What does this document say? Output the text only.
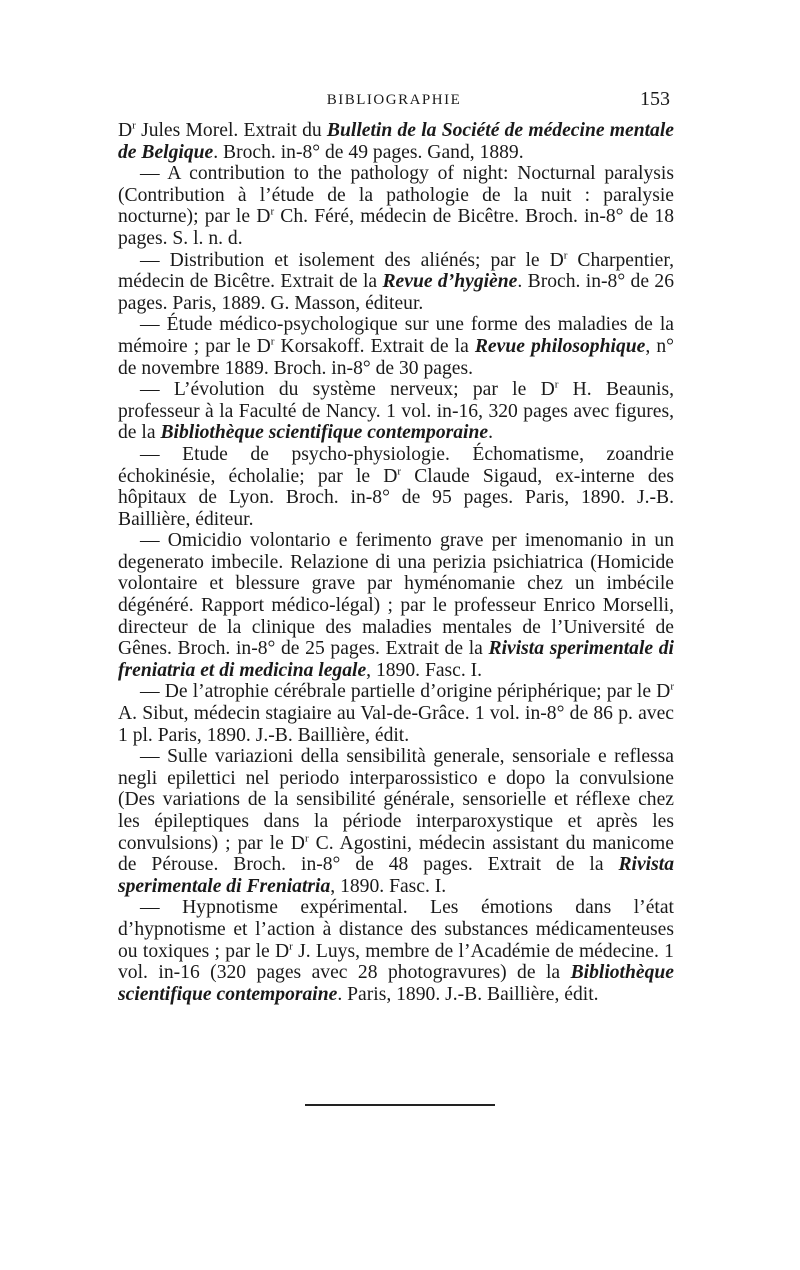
BIBLIOGRAPHIE	153

$D^r$ Jules Morel. Extrait du Bulletin de la Société de médecine mentale de Belgique. Broch. in-8° de 49 pages. Gand, 1889.

— A contribution to the pathology of night: Nocturnal paralysis (Contribution à l’étude de la pathologie de la nuit : paralysie nocturne); par le $D^r$ Ch. Féré, médecin de Bicêtre. Broch. in-8° de 18 pages. S. l. n. d.

— Distribution et isolement des aliénés; par le $D^r$ Charpentier, médecin de Bicêtre. Extrait de la Revue d’hygiène. Broch. in-8° de 26 pages. Paris, 1889. G. Masson, éditeur.

— Étude médico-psychologique sur une forme des maladies de la mémoire ; par le $D^r$ Korsakoff. Extrait de la Revue philosophique, n° de novembre 1889. Broch. in-8° de 30 pages.

— L’évolution du système nerveux; par le $D^r$ H. Beaunis, professeur à la Faculté de Nancy. 1 vol. in-16, 320 pages avec figures, de la Bibliothèque scientifique contemporaine.

— Etude de psycho-physiologie. Échomatisme, zoandrie échokinésie, écholalie; par le $D^r$ Claude Sigaud, ex-interne des hôpitaux de Lyon. Broch. in-8° de 95 pages. Paris, 1890. J.-B. Baillière, éditeur.

— Omicidio volontario e ferimento grave per imenomanio in un degenerato imbecile. Relazione di una perizia psichiatrica (Homicide volontaire et blessure grave par hyménomanie chez un imbécile dégénéré. Rapport médico-légal) ; par le professeur Enrico Morselli, directeur de la clinique des maladies mentales de l’Université de Gênes. Broch. in-8° de 25 pages. Extrait de la Rivista sperimentale di freniatria et di medicina legale, 1890. Fasc. I.

— De l’atrophie cérébrale partielle d’origine périphérique; par le $D^r$ A. Sibut, médecin stagiaire au Val-de-Grâce. 1 vol. in-8° de 86 p. avec 1 pl. Paris, 1890. J.-B. Baillière, édit.

— Sulle variazioni della sensibilità generale, sensoriale e reflessa negli epilettici nel periodo interparossistico e dopo la convulsione (Des variations de la sensibilité générale, sensorielle et réflexe chez les épileptiques dans la période interparoxystique et après les convulsions) ; par le $D^r$ C. Agostini, médecin assistant du manicome de Pérouse. Broch. in-8° de 48 pages. Extrait de la Rivista sperimentale di Freniatria, 1890. Fasc. I.

— Hypnotisme expérimental. Les émotions dans l’état d’hypnotisme et l’action à distance des substances médicamenteuses ou toxiques ; par le $D^r$ J. Luys, membre de l’Académie de médecine. 1 vol. in-16 (320 pages avec 28 photogravures) de la Bibliothèque scientifique contemporaine. Paris, 1890. J.-B. Baillière, édit.
